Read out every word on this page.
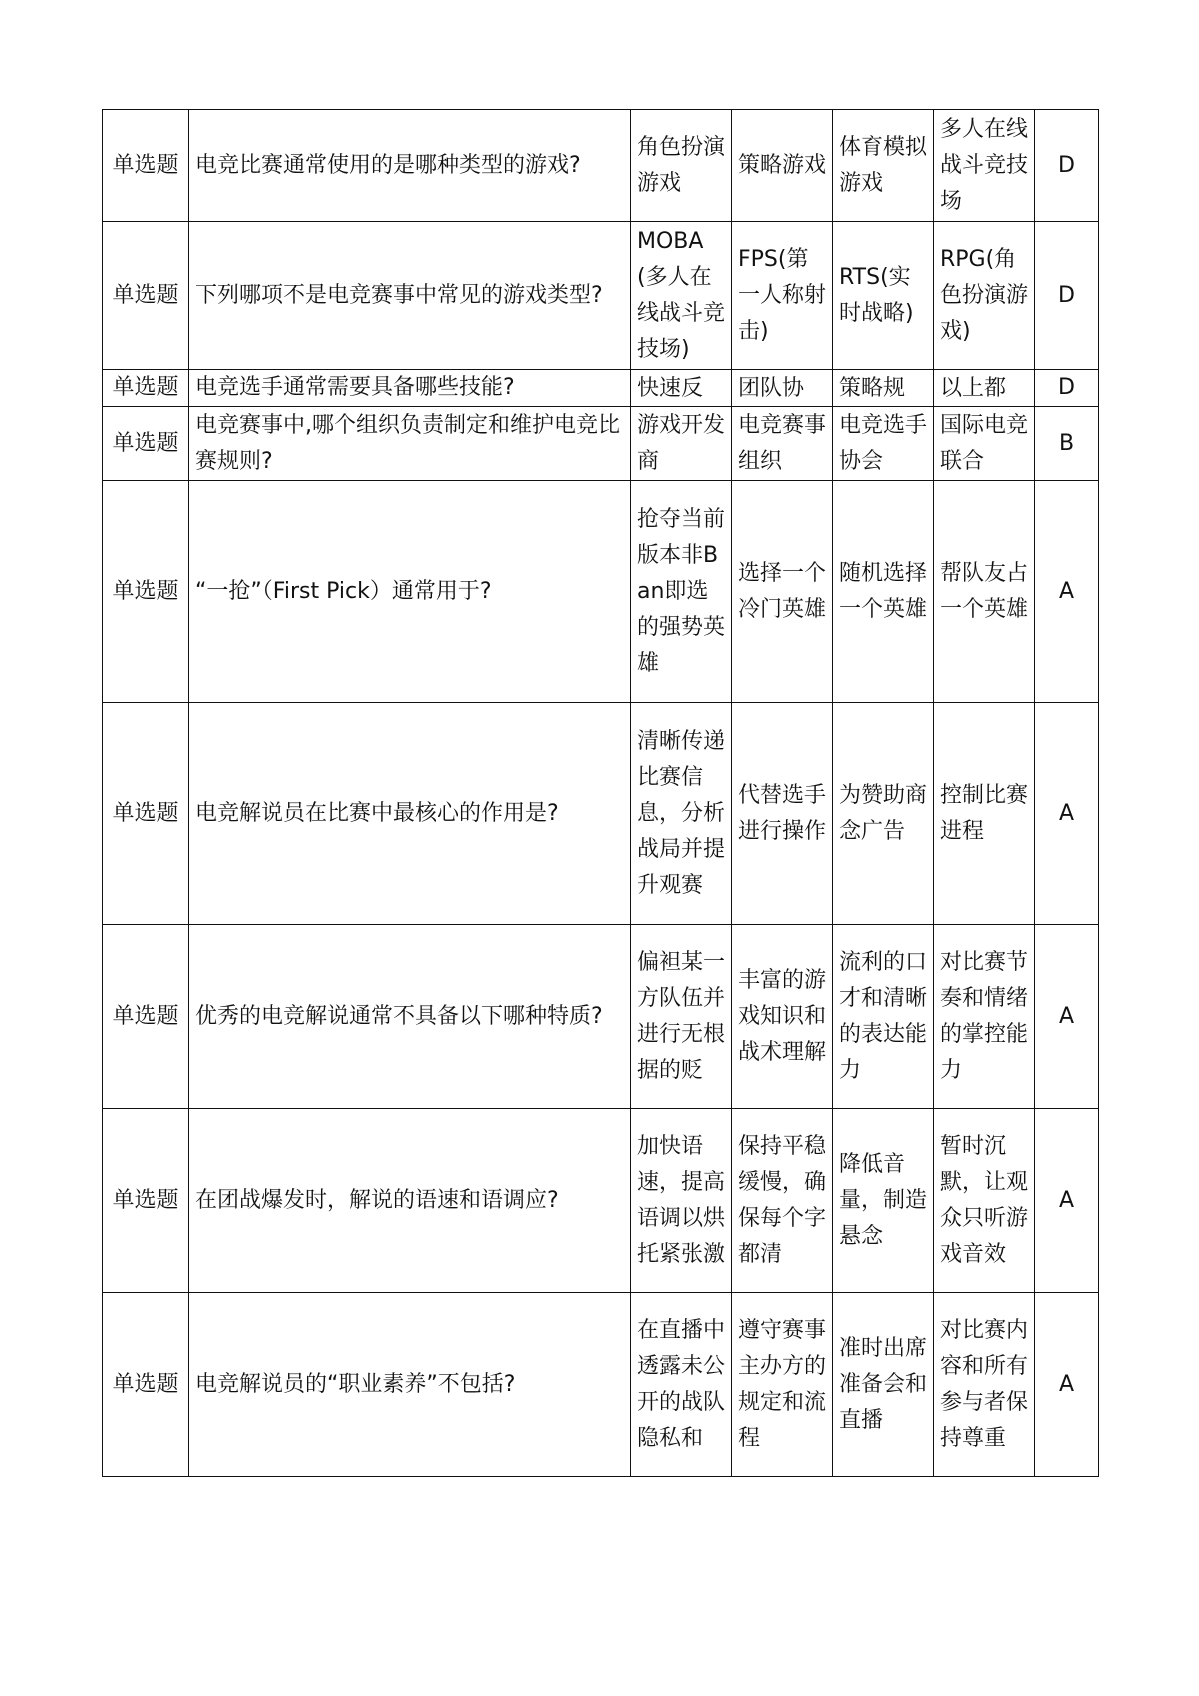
单选题	电竞比赛通常使用的是哪种类型的游戏?	角色扮演游戏	策略游戏	体育模拟游戏	多人在线战斗竞技场	D
单选题	下列哪项不是电竞赛事中常见的游戏类型?	MOBA(多人在线战斗竞技场)	FPS(第一人称射击)	RTS(实时战略)	RPG(角色扮演游戏)	D
单选题	电竞选手通常需要具备哪些技能?	快速反	团队协	策略规	以上都	D
单选题	电竞赛事中,哪个组织负责制定和维护电竞比赛规则?	游戏开发商	电竞赛事组织	电竞选手协会	国际电竞联合	B
单选题	“一抢”（First Pick）通常用于?	抢夺当前版本非Ban即选的强势英雄	选择一个冷门英雄	随机选择一个英雄	帮队友占一个英雄	A
单选题	电竞解说员在比赛中最核心的作用是?	清晰传递比赛信息，分析战局并提升观赛	代替选手进行操作	为赞助商念广告	控制比赛进程	A
单选题	优秀的电竞解说通常不具备以下哪种特质?	偏袒某一方队伍并进行无根据的贬	丰富的游戏知识和战术理解	流利的口才和清晰的表达能力	对比赛节奏和情绪的掌控能力	A
单选题	在团战爆发时，解说的语速和语调应?	加快语速，提高语调以烘托紧张激	保持平稳缓慢，确保每个字都清	降低音量，制造悬念	暂时沉默，让观众只听游戏音效	A
单选题	电竞解说员的“职业素养”不包括?	在直播中透露未公开的战队隐私和	遵守赛事主办方的规定和流程	准时出席准备会和直播	对比赛内容和所有参与者保持尊重	A
